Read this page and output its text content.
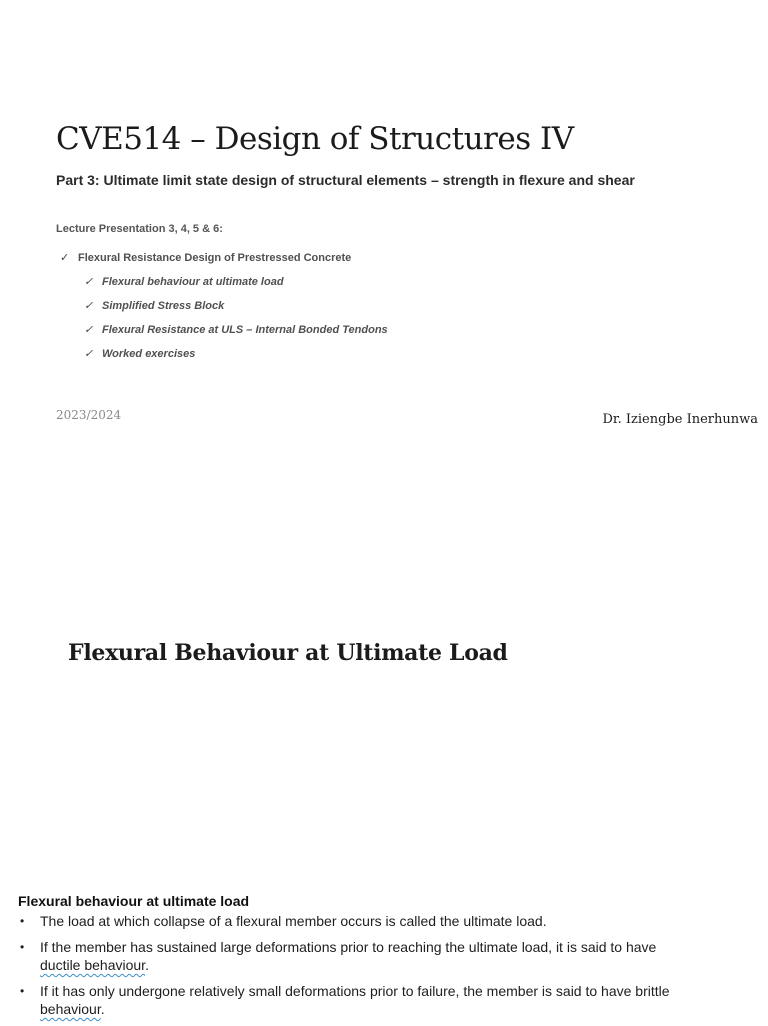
CVE514 – Design of Structures IV
Part 3: Ultimate limit state design of structural elements – strength in flexure and shear
Lecture Presentation 3, 4, 5 & 6:
✓ Flexural Resistance Design of Prestressed Concrete
✓ Flexural behaviour at ultimate load
✓ Simplified Stress Block
✓ Flexural Resistance at ULS – Internal Bonded Tendons
✓ Worked exercises
2023/2024	Dr. Iziengbe Inerhunwa
Flexural Behaviour at Ultimate Load
Flexural behaviour at ultimate load
• The load at which collapse of a flexural member occurs is called the ultimate load.
• If the member has sustained large deformations prior to reaching the ultimate load, it is said to have ductile behaviour.
• If it has only undergone relatively small deformations prior to failure, the member is said to have brittle behaviour.
